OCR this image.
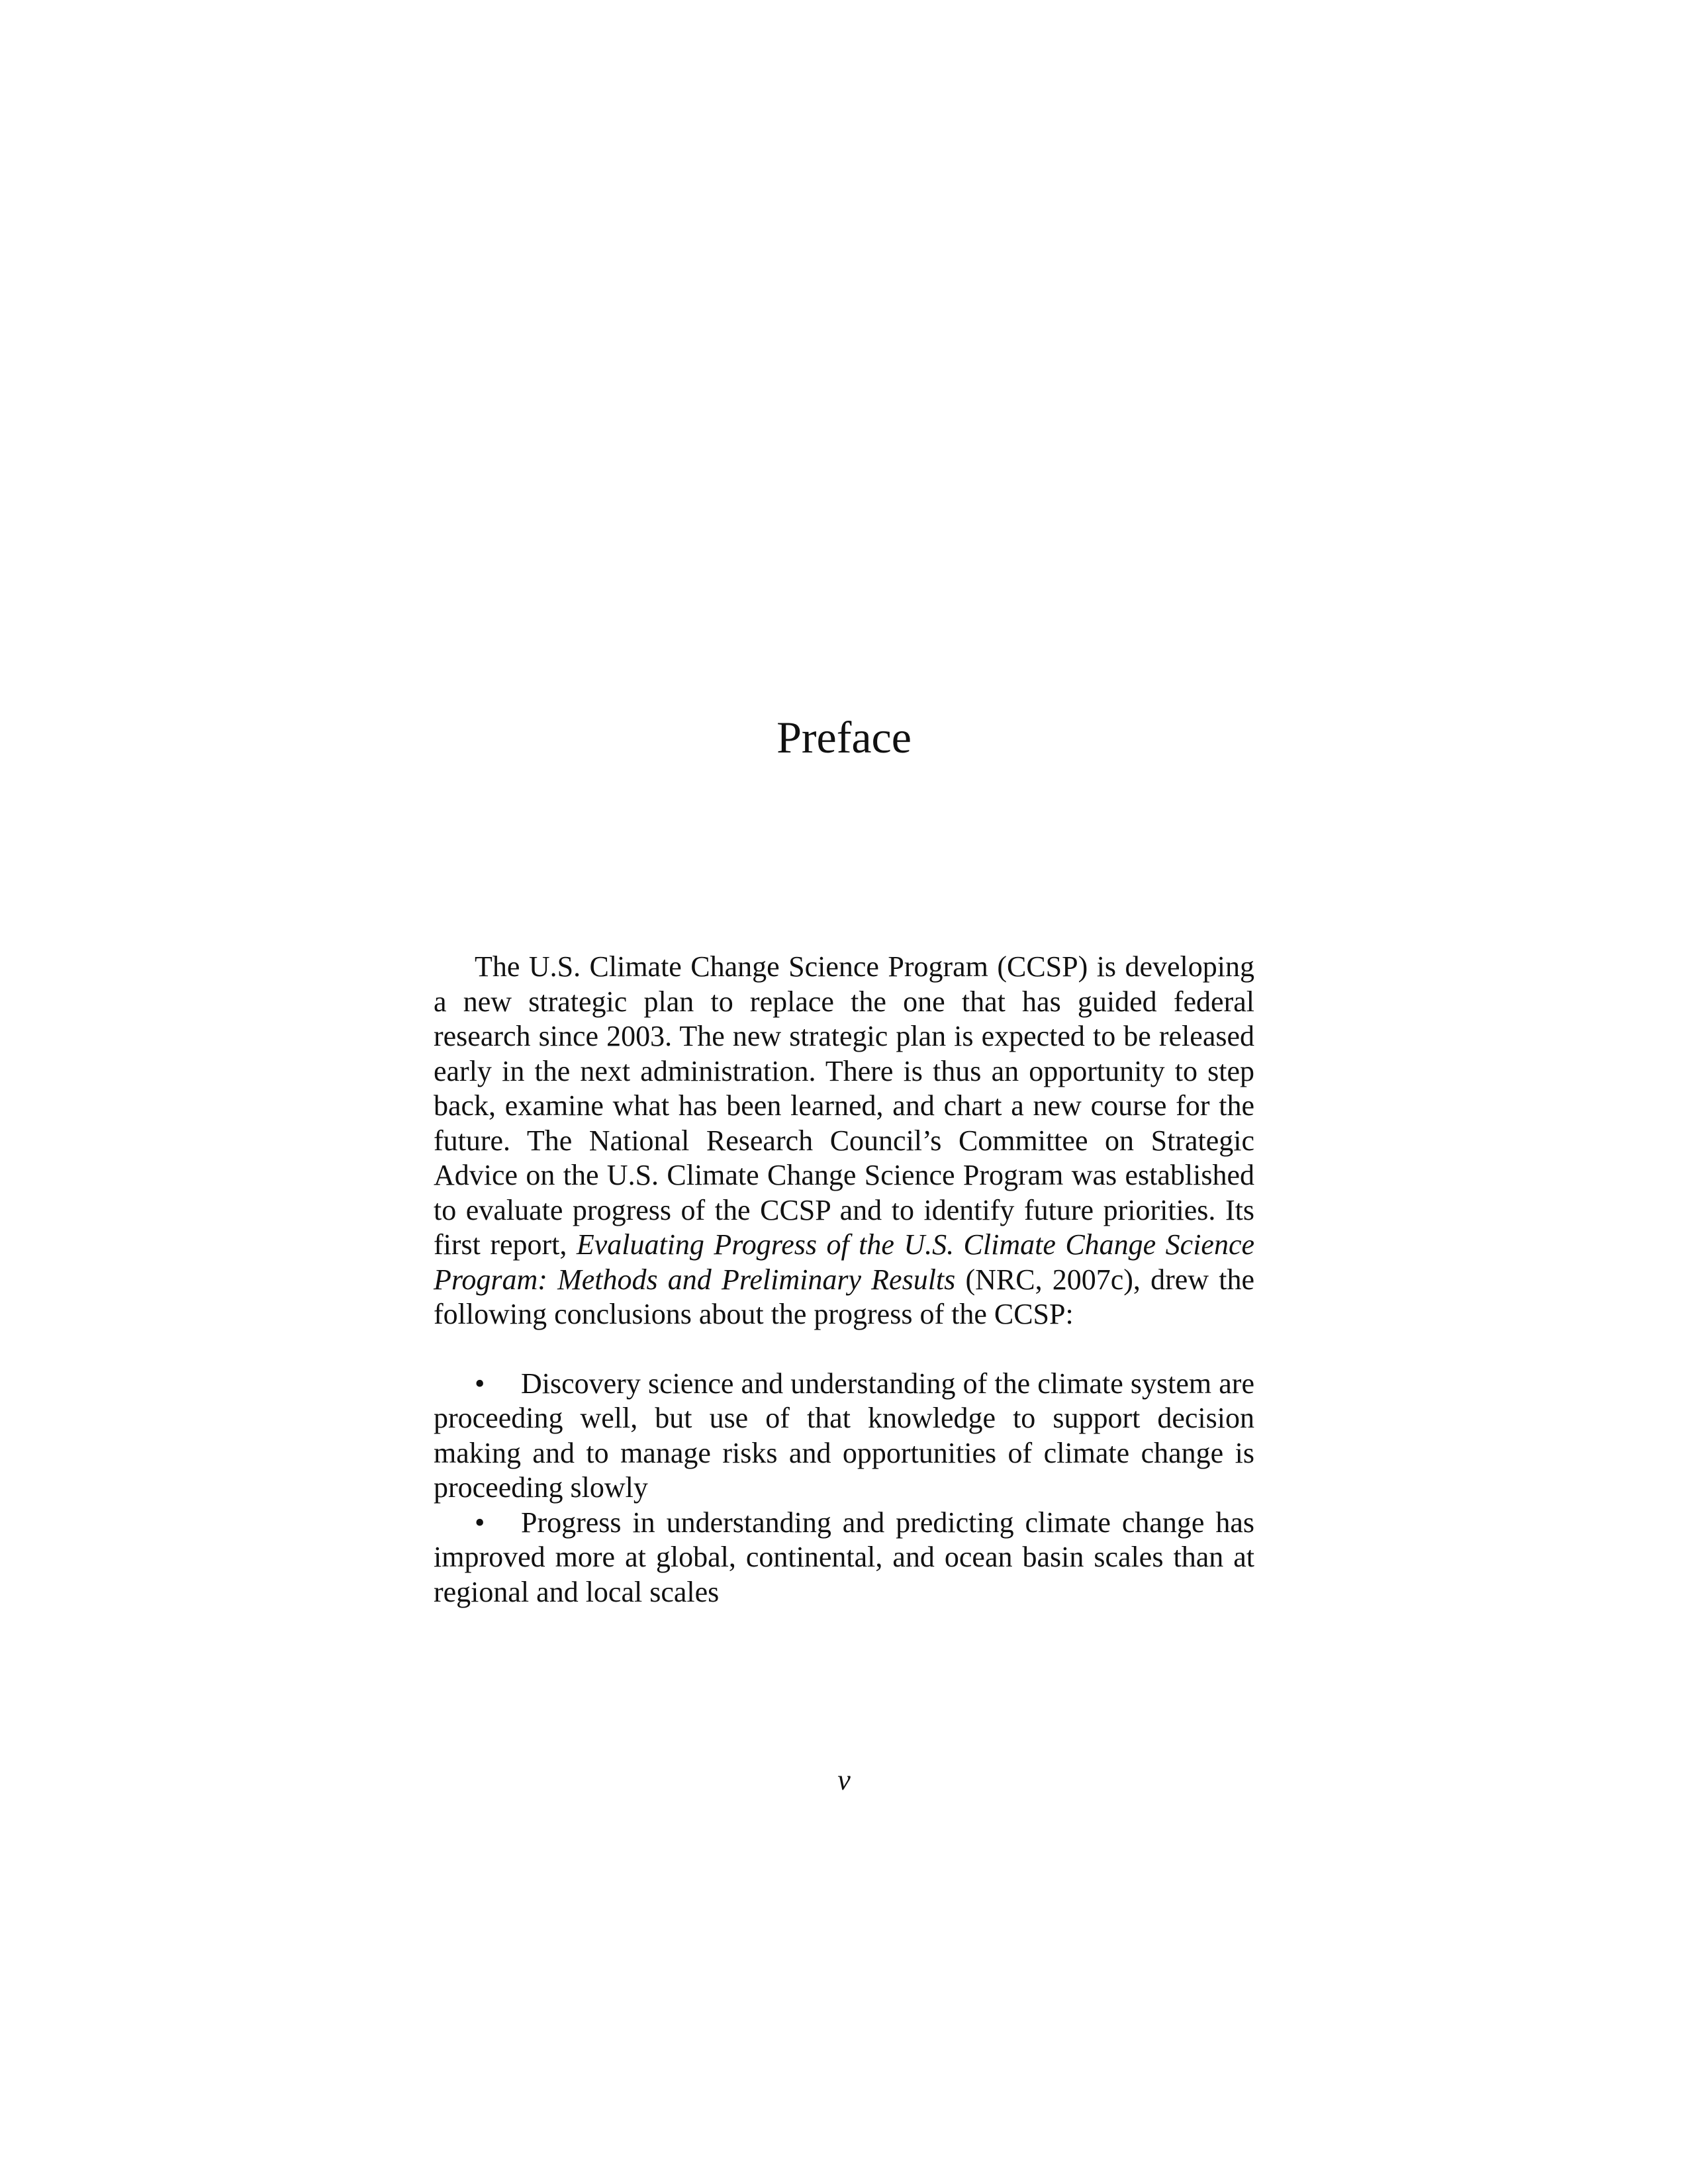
Preface

The U.S. Climate Change Science Program (CCSP) is developing a new strategic plan to replace the one that has guided federal research since 2003. The new strategic plan is expected to be released early in the next administration. There is thus an opportunity to step back, examine what has been learned, and chart a new course for the future. The National Research Council’s Committee on Strategic Advice on the U.S. Climate Change Science Program was established to evaluate progress of the CCSP and to identify future priorities. Its first report, Evaluating Progress of the U.S. Climate Change Science Program: Methods and Preliminary Results (NRC, 2007c), drew the following conclusions about the progress of the CCSP:

• Discovery science and understanding of the climate system are proceeding well, but use of that knowledge to support decision making and to manage risks and opportunities of climate change is proceeding slowly

• Progress in understanding and predicting climate change has improved more at global, continental, and ocean basin scales than at regional and local scales

v
